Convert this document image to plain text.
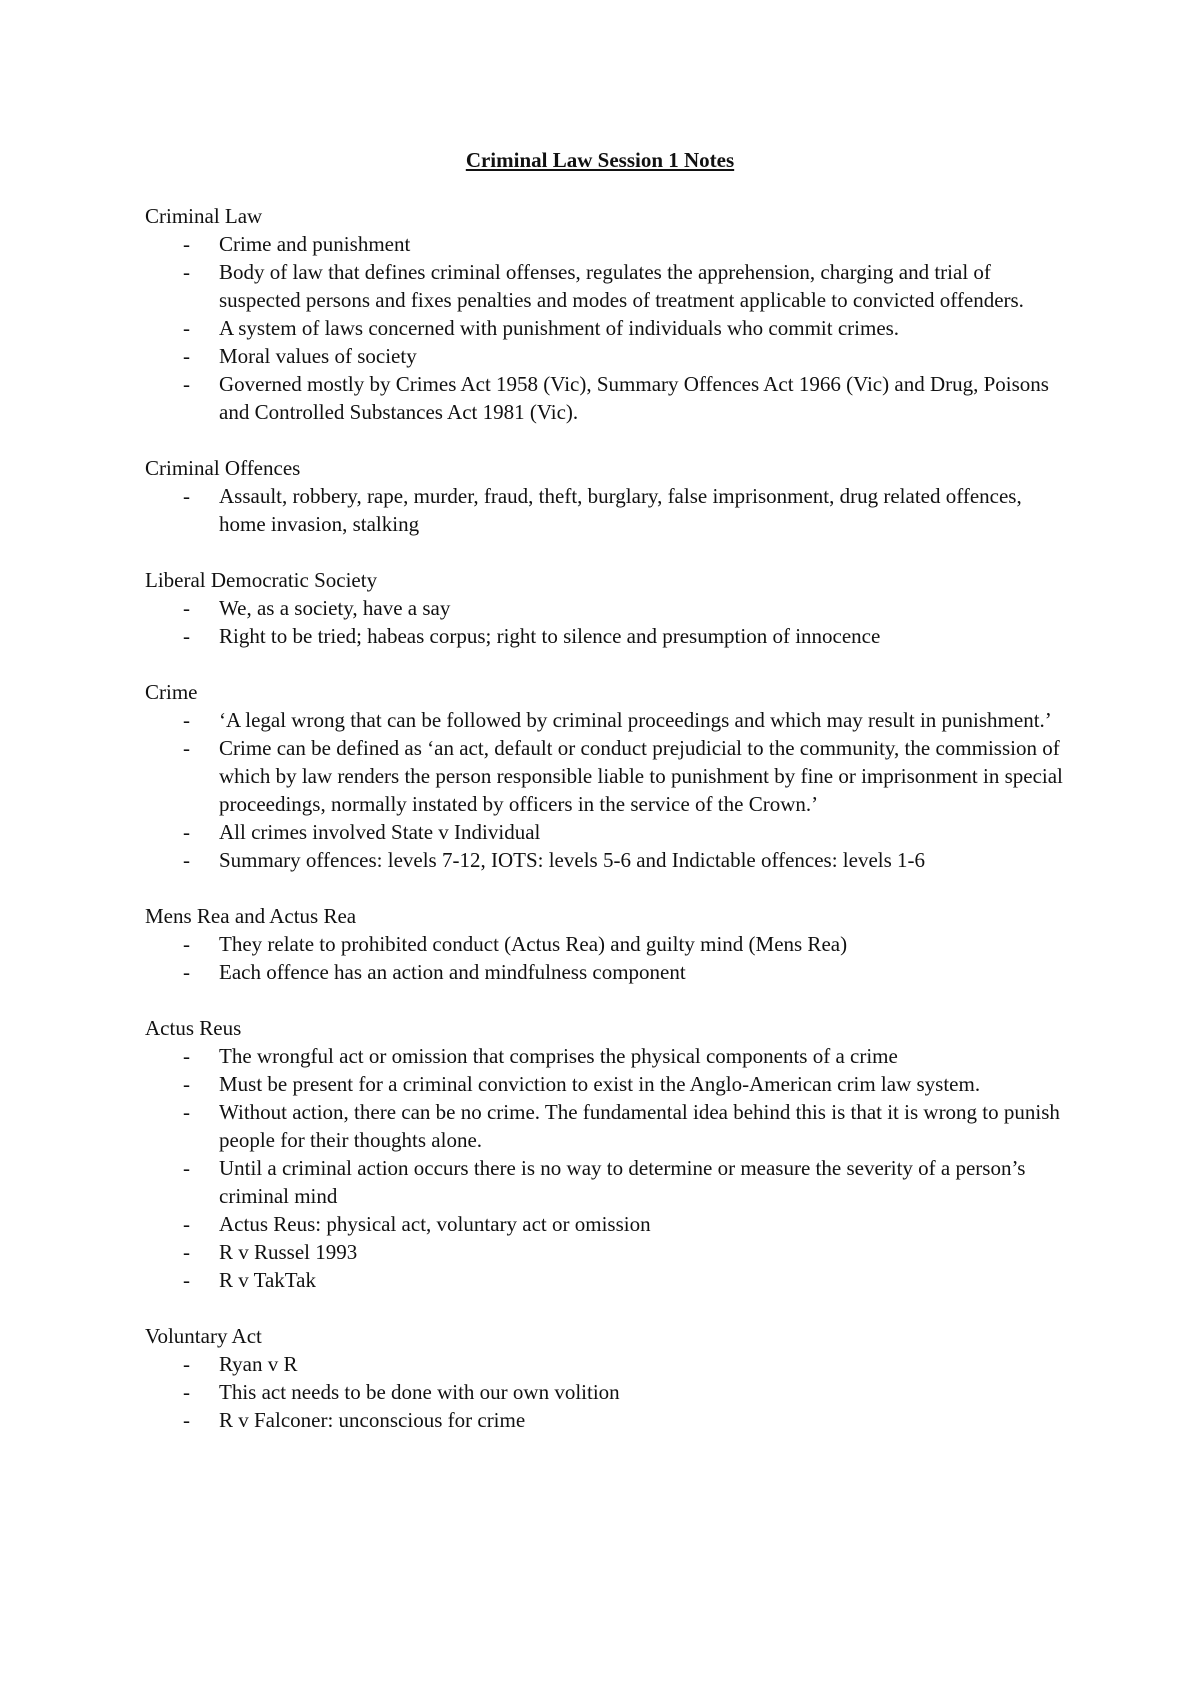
Criminal Law Session 1 Notes
Criminal Law
- Crime and punishment
- Body of law that defines criminal offenses, regulates the apprehension, charging and trial of suspected persons and fixes penalties and modes of treatment applicable to convicted offenders.
- A system of laws concerned with punishment of individuals who commit crimes.
- Moral values of society
- Governed mostly by Crimes Act 1958 (Vic), Summary Offences Act 1966 (Vic) and Drug, Poisons and Controlled Substances Act 1981 (Vic).
Criminal Offences
- Assault, robbery, rape, murder, fraud, theft, burglary, false imprisonment, drug related offences, home invasion, stalking
Liberal Democratic Society
- We, as a society, have a say
- Right to be tried; habeas corpus; right to silence and presumption of innocence
Crime
- ‘A legal wrong that can be followed by criminal proceedings and which may result in punishment.’
- Crime can be defined as ‘an act, default or conduct prejudicial to the community, the commission of which by law renders the person responsible liable to punishment by fine or imprisonment in special proceedings, normally instated by officers in the service of the Crown.’
- All crimes involved State v Individual
- Summary offences: levels 7-12, IOTS: levels 5-6 and Indictable offences: levels 1-6
Mens Rea and Actus Rea
- They relate to prohibited conduct (Actus Rea) and guilty mind (Mens Rea)
- Each offence has an action and mindfulness component
Actus Reus
- The wrongful act or omission that comprises the physical components of a crime
- Must be present for a criminal conviction to exist in the Anglo-American crim law system.
- Without action, there can be no crime. The fundamental idea behind this is that it is wrong to punish people for their thoughts alone.
- Until a criminal action occurs there is no way to determine or measure the severity of a person’s criminal mind
- Actus Reus: physical act, voluntary act or omission
- R v Russel 1993
- R v TakTak
Voluntary Act
- Ryan v R
- This act needs to be done with our own volition
- R v Falconer: unconscious for crime
